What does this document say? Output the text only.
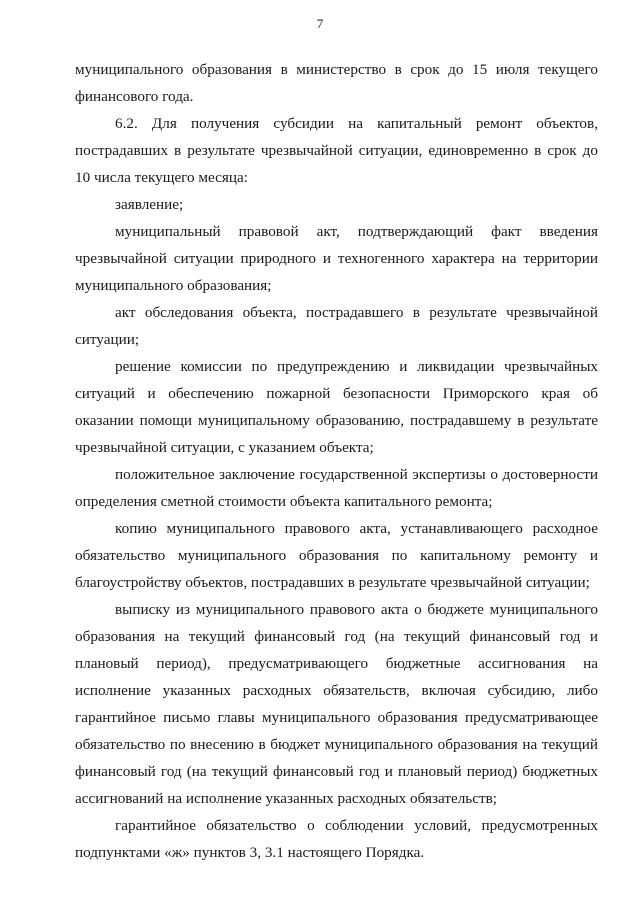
7

муниципального образования в министерство в срок до 15 июля текущего финансового года.

6.2. Для получения субсидии на капитальный ремонт объектов, пострадавших в результате чрезвычайной ситуации, единовременно в срок до 10 числа текущего месяца:

заявление;

муниципальный правовой акт, подтверждающий факт введения чрезвычайной ситуации природного и техногенного характера на территории муниципального образования;

акт обследования объекта, пострадавшего в результате чрезвычайной ситуации;

решение комиссии по предупреждению и ликвидации чрезвычайных ситуаций и обеспечению пожарной безопасности Приморского края об оказании помощи муниципальному образованию, пострадавшему в результате чрезвычайной ситуации, с указанием объекта;

положительное заключение государственной экспертизы о достоверности определения сметной стоимости объекта капитального ремонта;

копию муниципального правового акта, устанавливающего расходное обязательство муниципального образования по капитальному ремонту и благоустройству объектов, пострадавших в результате чрезвычайной ситуации;

выписку из муниципального правового акта о бюджете муниципального образования на текущий финансовый год (на текущий финансовый год и плановый период), предусматривающего бюджетные ассигнования на исполнение указанных расходных обязательств, включая субсидию, либо гарантийное письмо главы муниципального образования предусматривающее обязательство по внесению в бюджет муниципального образования на текущий финансовый год (на текущий финансовый год и плановый период) бюджетных ассигнований на исполнение указанных расходных обязательств;

гарантийное обязательство о соблюдении условий, предусмотренных подпунктами «ж» пунктов 3, 3.1 настоящего Порядка.
